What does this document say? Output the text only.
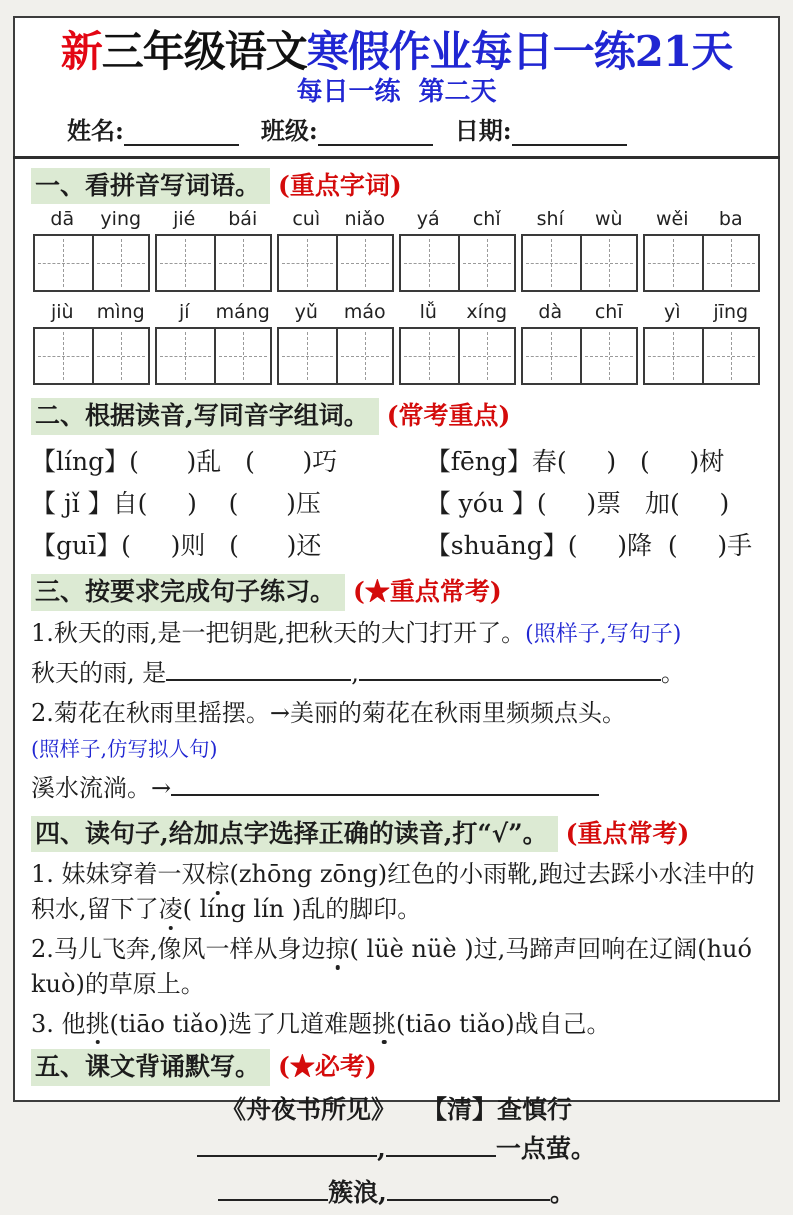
新三年级语文寒假作业每日一练21天
每日一练  第二天
姓名:	班级:	日期:
一、看拼音写词语。 (重点字词)
dā	ying	jié	bái	cuì	niǎo	yá	chǐ	shí	wù	wěi	ba
jiù	mìng	jí	máng	yǔ	máo	lǚ	xíng	dà	chī	yì	jīng
二、根据读音,写同音字组词。 (常考重点)
【líng】(      )乱   (      )巧	【fēng】春(     )   (     )树
【 jǐ 】自(     )    (      )压	【 yóu 】(     )票   加(     )
【guī】(     )则   (      )还	【shuāng】(     )降  (     )手
三、按要求完成句子练习。 (★重点常考)
1.秋天的雨,是一把钥匙,把秋天的大门打开了。(照样子,写句子)
秋天的雨, 是	,	。
2.菊花在秋雨里摇摆。→美丽的菊花在秋雨里频频点头。(照样子,仿写拟人句)
溪水流淌。→
四、读句子,给加点字选择正确的读音,打“√”。 (重点常考)
1. 妹妹穿着一双棕(zhōng zōng)红色的小雨靴,跑过去踩小水洼中的积水,留下了凌( líng lín )乱的脚印。
2.马儿飞奔,像风一样从身边掠( lüè nüè )过,马蹄声回响在辽阔(huó kuò)的草原上。
3. 他挑(tiāo tiǎo)选了几道难题挑(tiāo tiǎo)战自己。
五、课文背诵默写。 (★必考)
《舟夜书所见》   【清】查慎行
,	一点萤。
簇浪,	。
